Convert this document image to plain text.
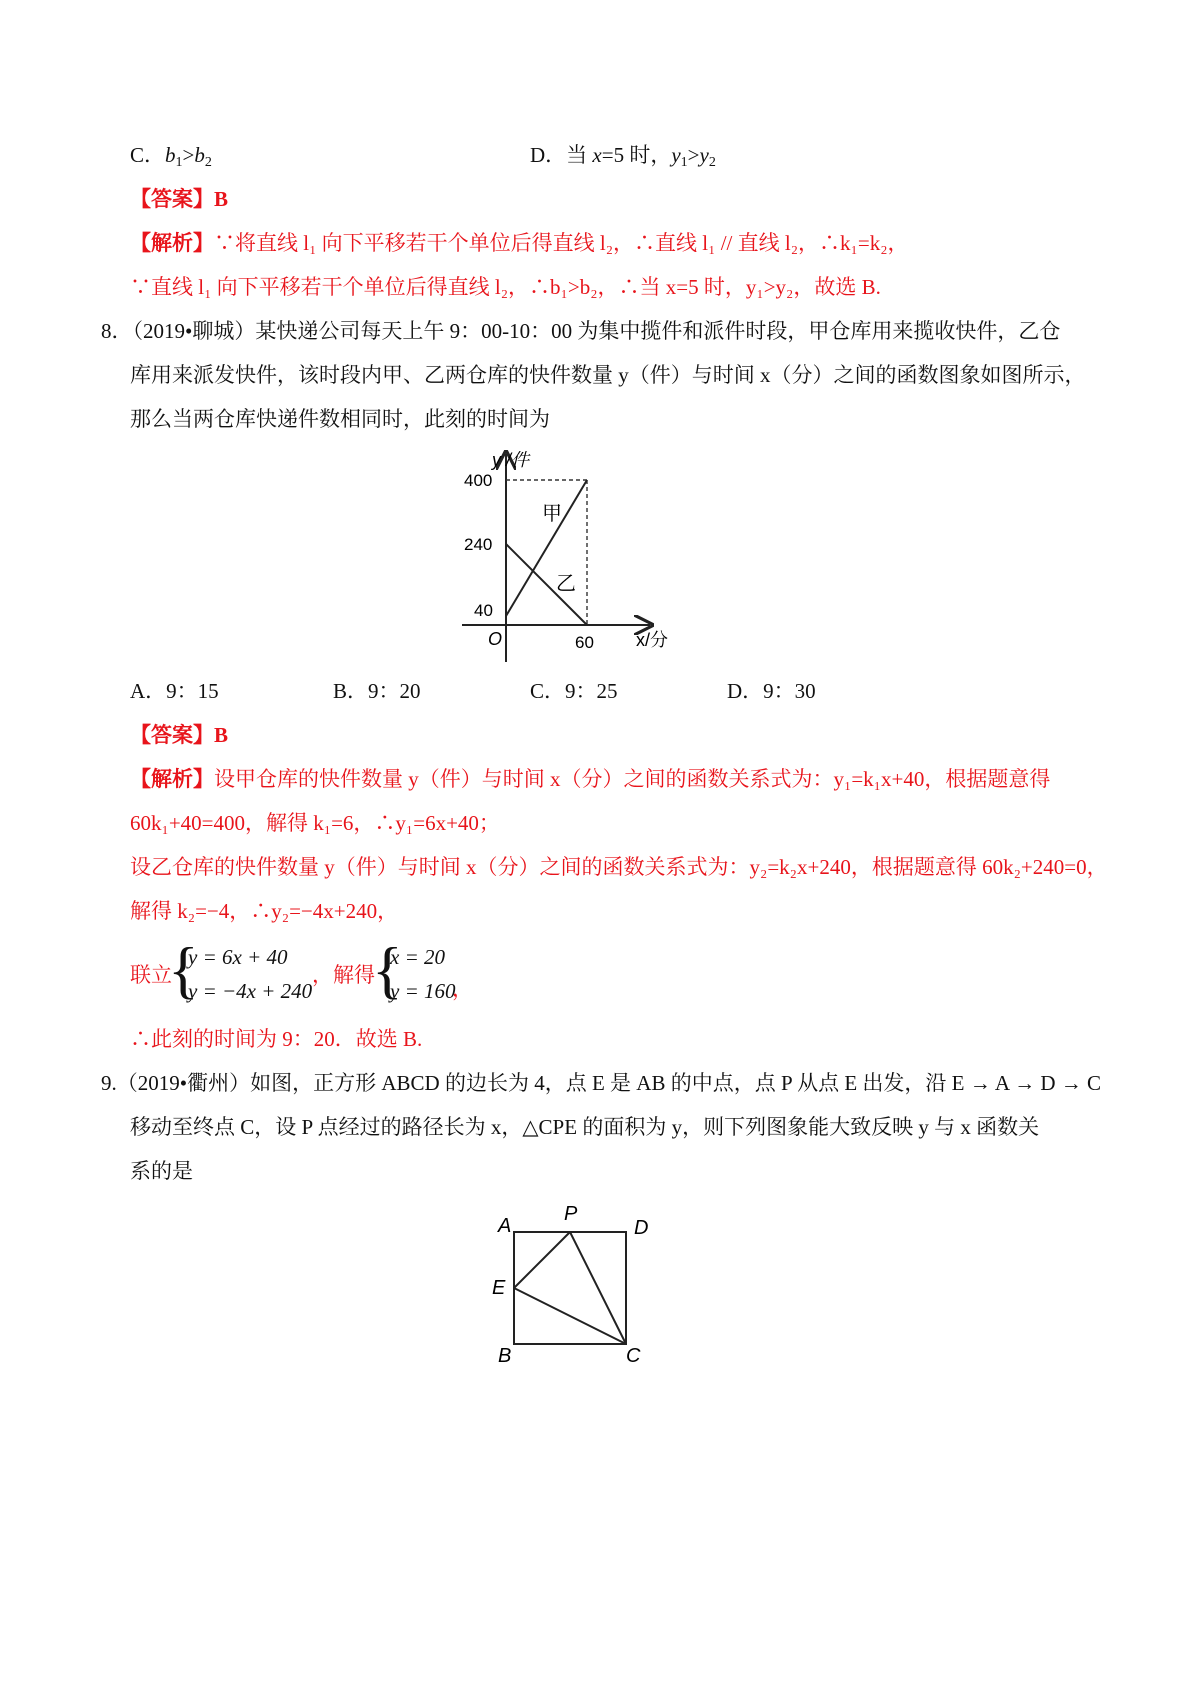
C．$b_1>b_2$	D．当 x=5 时，$y_1>y_2$
【答案】B
【解析】∵将直线 l₁ 向下平移若干个单位后得直线 l₂，∴直线 l₁ // 直线 l₂，∴k₁=k₂，
∵直线 l₁ 向下平移若干个单位后得直线 l₂，∴b₁>b₂，∴当 x=5 时，y₁>y₂，故选 B.
8．（2019•聊城）某快递公司每天上午 9：00-10：00 为集中揽件和派件时段，甲仓库用来揽收快件，乙仓
库用来派发快件，该时段内甲、乙两仓库的快件数量 y（件）与时间 x（分）之间的函数图象如图所示，
那么当两仓库快递件数相同时，此刻的时间为
y /件
400
240
40
O	60 x/分
甲
乙
A．9：15	B．9：20	C．9：25	D．9：30
【答案】B
【解析】设甲仓库的快件数量 y（件）与时间 x（分）之间的函数关系式为：y₁=k₁x+40，根据题意得
60k₁+40=400，解得 k₁=6，∴y₁=6x+40；
设乙仓库的快件数量 y（件）与时间 x（分）之间的函数关系式为：y₂=k₂x+240，根据题意得 60k₂+240=0，
解得 k₂=−4，∴y₂=−4x+240，
联立
{
y = 6x + 40
y = −4x + 240
，解得
{
x = 20
y = 160
，
∴此刻的时间为 9：20．故选 B.
9.（2019•衢州）如图，正方形 ABCD 的边长为 4，点 E 是 AB 的中点，点 P 从点 E 出发，沿 E → A → D → C
移动至终点 C，设 P 点经过的路径长为 x，△CPE 的面积为 y，则下列图象能大致反映 y 与 x 函数关
系的是
A
P
D
E
B	C
